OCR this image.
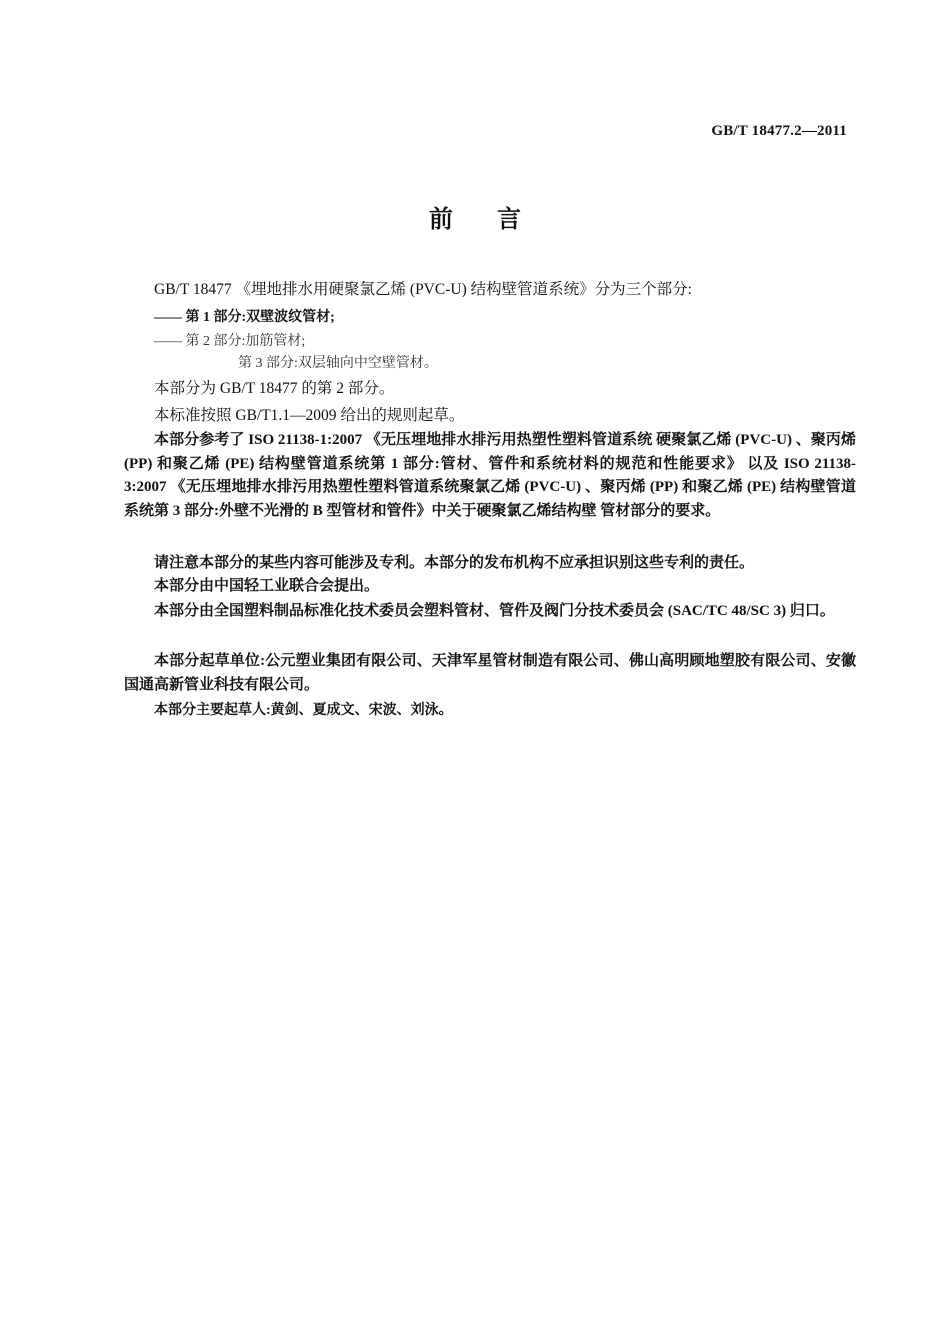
GB/T 18477.2—2011
前言
GB/T 18477 《埋地排水用硬聚氯乙烯 (PVC-U) 结构壁管道系统》分为三个部分:
—— 第 1 部分:双壁波纹管材;
—— 第 2 部分:加筋管材;
第 3 部分:双层轴向中空壁管材。
本部分为 GB/T 18477 的第 2 部分。
本标准按照 GB/T1.1—2009 给出的规则起草。
本部分参考了 ISO 21138-1:2007 《无压埋地排水排污用热塑性塑料管道系统 硬聚氯乙烯 (PVC-U) 、聚丙烯 (PP) 和聚乙烯 (PE) 结构壁管道系统第 1 部分:管材、管件和系统材料的规范和性能要求》 以及 ISO 21138-3:2007 《无压埋地排水排污用热塑性塑料管道系统聚氯乙烯 (PVC-U) 、聚丙烯 (PP) 和聚乙烯 (PE) 结构壁管道系统第 3 部分:外壁不光滑的 B 型管材和管件》中关于硬聚氯乙烯结构壁 管材部分的要求。
请注意本部分的某些内容可能涉及专利。本部分的发布机构不应承担识别这些专利的责任。
本部分由中国轻工业联合会提出。
本部分由全国塑料制品标准化技术委员会塑料管材、管件及阀门分技术委员会 (SAC/TC 48/SC 3) 归口。
本部分起草单位:公元塑业集团有限公司、天津军星管材制造有限公司、佛山高明顾地塑胶有限公司、安徽国通高新管业科技有限公司。
本部分主要起草人:黄剑、夏成文、宋波、刘泳。
